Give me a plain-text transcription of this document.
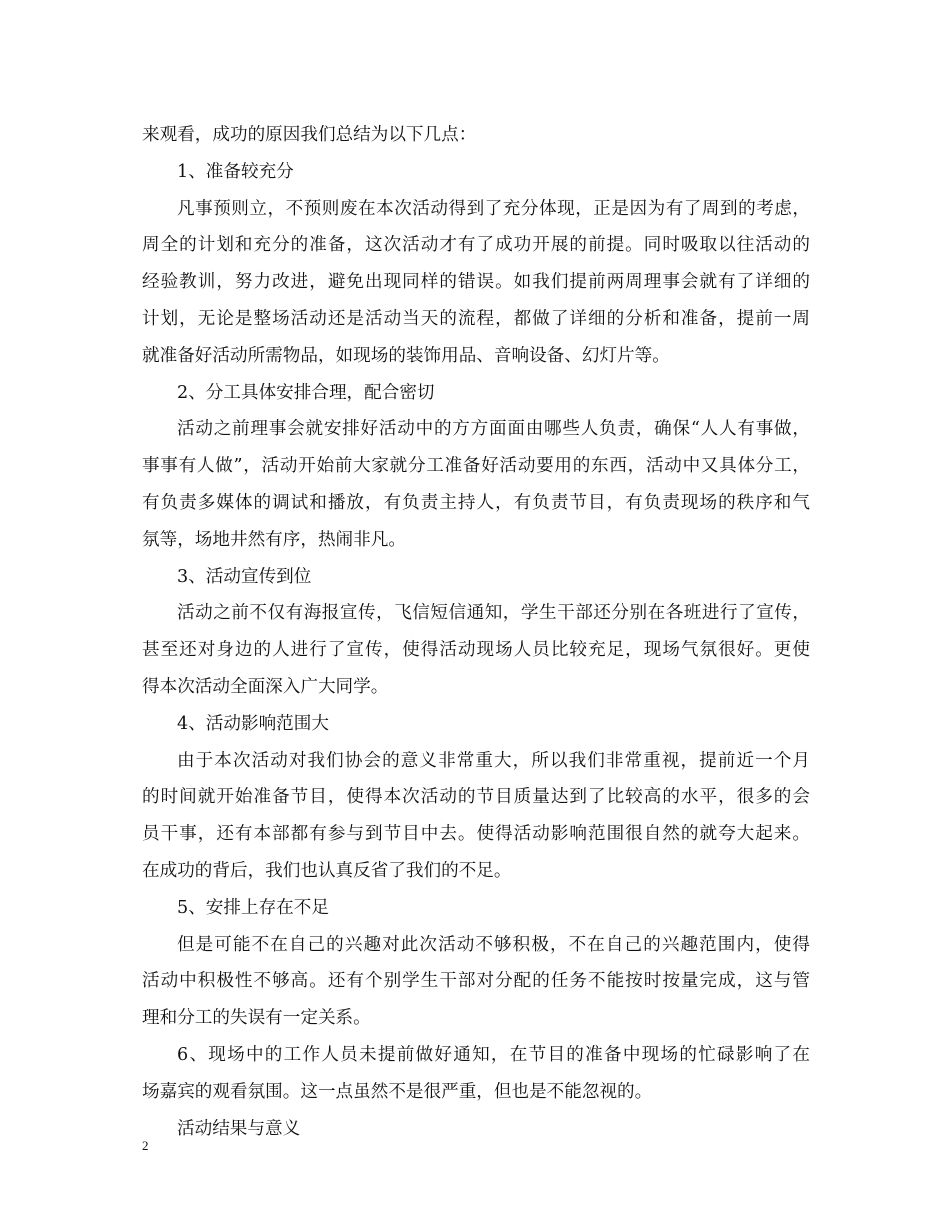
来观看，成功的原因我们总结为以下几点：
1、准备较充分
凡事预则立，不预则废在本次活动得到了充分体现，正是因为有了周到的考虑，
周全的计划和充分的准备，这次活动才有了成功开展的前提。同时吸取以往活动的
经验教训，努力改进，避免出现同样的错误。如我们提前两周理事会就有了详细的
计划，无论是整场活动还是活动当天的流程，都做了详细的分析和准备，提前一周
就准备好活动所需物品，如现场的装饰用品、音响设备、幻灯片等。
2、分工具体安排合理，配合密切
活动之前理事会就安排好活动中的方方面面由哪些人负责，确保“人人有事做，
事事有人做”，活动开始前大家就分工准备好活动要用的东西，活动中又具体分工，
有负责多媒体的调试和播放，有负责主持人，有负责节目，有负责现场的秩序和气
氛等，场地井然有序，热闹非凡。
3、活动宣传到位
活动之前不仅有海报宣传，飞信短信通知，学生干部还分别在各班进行了宣传，
甚至还对身边的人进行了宣传，使得活动现场人员比较充足，现场气氛很好。更使
得本次活动全面深入广大同学。
4、活动影响范围大
由于本次活动对我们协会的意义非常重大，所以我们非常重视，提前近一个月
的时间就开始准备节目，使得本次活动的节目质量达到了比较高的水平，很多的会
员干事，还有本部都有参与到节目中去。使得活动影响范围很自然的就夸大起来。
在成功的背后，我们也认真反省了我们的不足。
5、安排上存在不足
但是可能不在自己的兴趣对此次活动不够积极，不在自己的兴趣范围内，使得
活动中积极性不够高。还有个别学生干部对分配的任务不能按时按量完成，这与管
理和分工的失误有一定关系。
6、现场中的工作人员未提前做好通知，在节目的准备中现场的忙碌影响了在
场嘉宾的观看氛围。这一点虽然不是很严重，但也是不能忽视的。
活动结果与意义
2
